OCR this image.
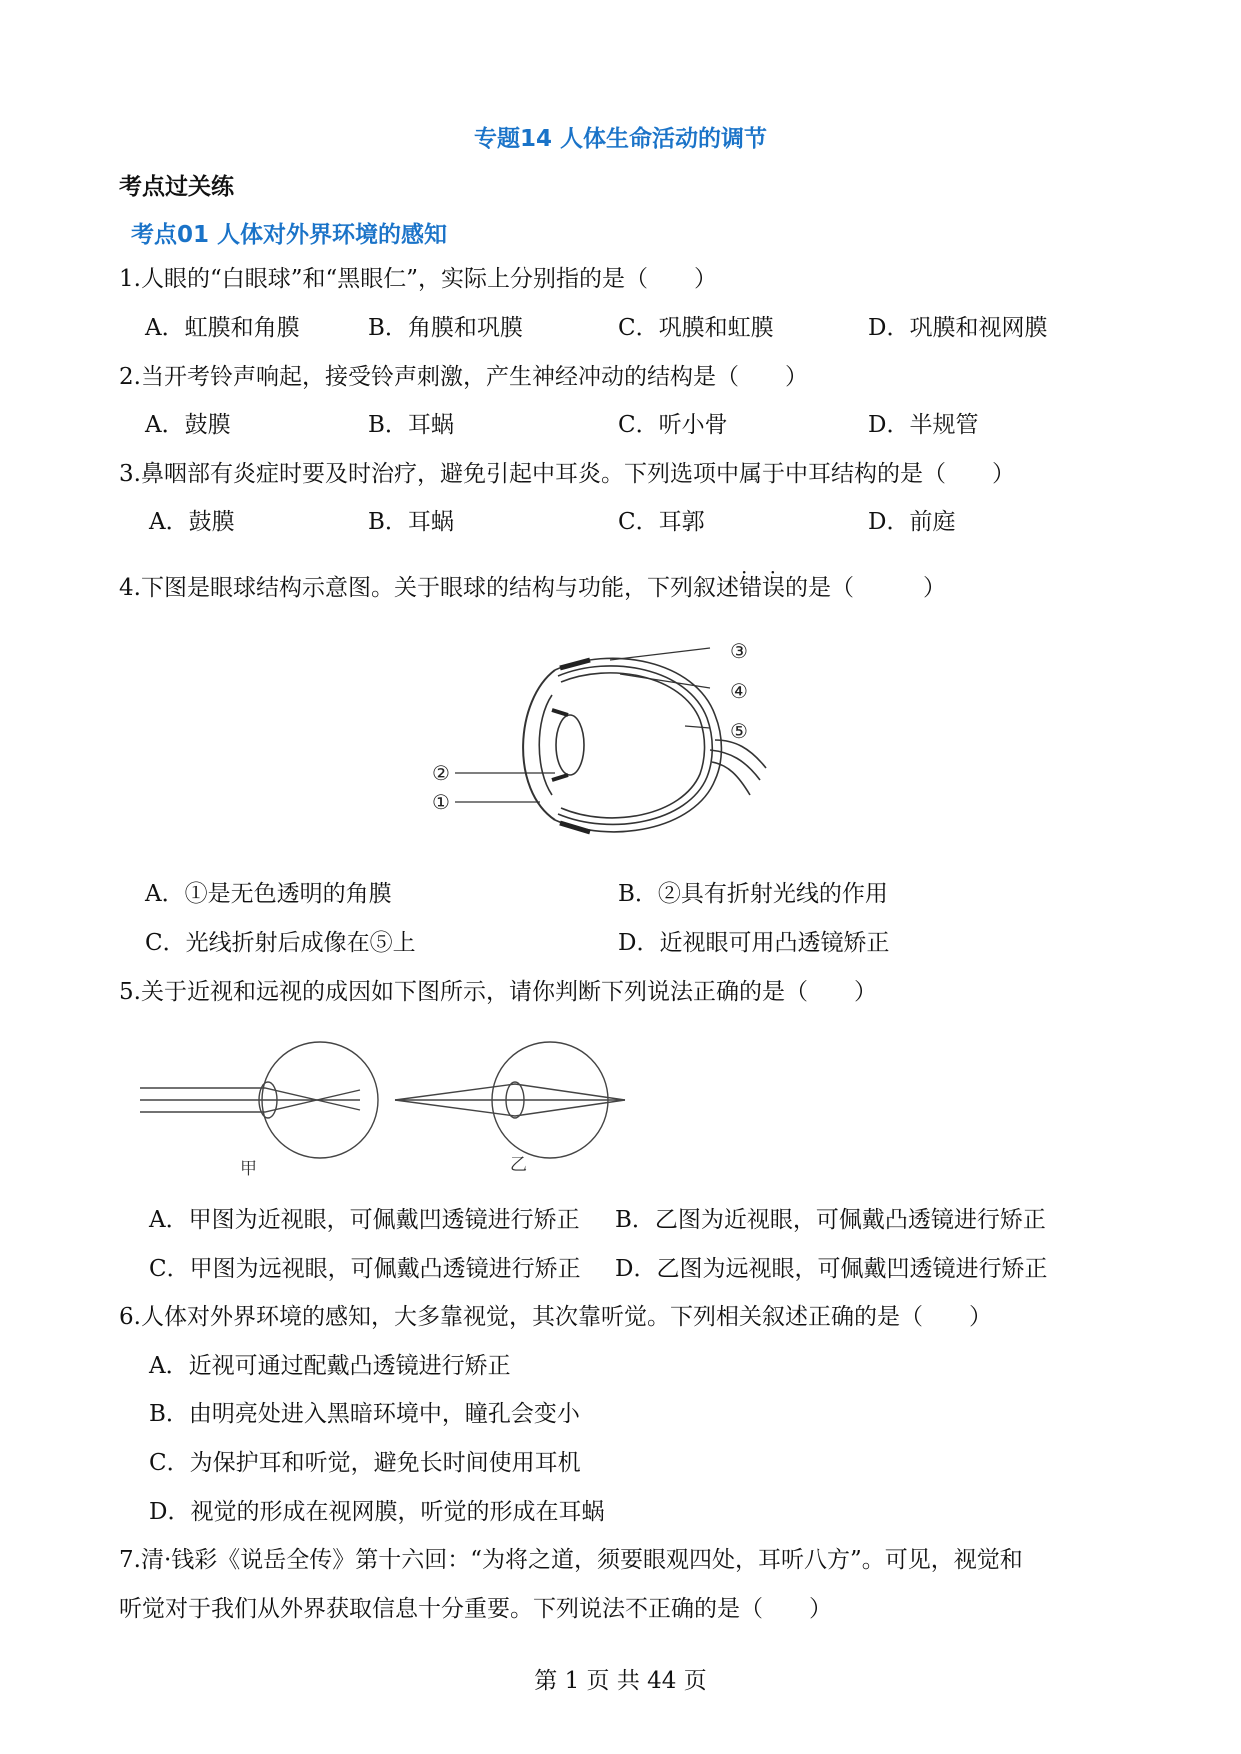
专题14 人体生命活动的调节
考点过关练
考点01 人体对外界环境的感知
1.人眼的“白眼球”和“黑眼仁”，实际上分别指的是（　　）
A．虹膜和角膜	B．角膜和巩膜	C．巩膜和虹膜	D．巩膜和视网膜
2.当开考铃声响起，接受铃声刺激，产生神经冲动的结构是（　　）
A．鼓膜	B．耳蜗	C．听小骨	D．半规管
3.鼻咽部有炎症时要及时治疗，避免引起中耳炎。下列选项中属于中耳结构的是（　　）
A．鼓膜	B．耳蜗	C．耳郭	D．前庭
4.下图是眼球结构示意图。关于眼球的结构与功能，下列叙述· · 错误的是（　　　）
③
④
⑤
②
①
A．①是无色透明的角膜	B．②具有折射光线的作用
C．光线折射后成像在⑤上	D．近视眼可用凸透镜矫正
5.关于近视和远视的成因如下图所示，请你判断下列说法正确的是（　　）
甲	乙
A．甲图为近视眼，可佩戴凹透镜进行矫正 B．乙图为近视眼，可佩戴凸透镜进行矫正
C．甲图为远视眼，可佩戴凸透镜进行矫正 D．乙图为远视眼，可佩戴凹透镜进行矫正
6.人体对外界环境的感知，大多靠视觉，其次靠听觉。下列相关叙述正确的是（　　）
A．近视可通过配戴凸透镜进行矫正
B．由明亮处进入黑暗环境中，瞳孔会变小
C．为保护耳和听觉，避免长时间使用耳机
D．视觉的形成在视网膜，听觉的形成在耳蜗
7.清·钱彩《说岳全传》第十六回：“为将之道，须要眼观四处，耳听八方”。可见，视觉和
听觉对于我们从外界获取信息十分重要。下列说法不正确的是（　　）
第 1 页 共 44 页
